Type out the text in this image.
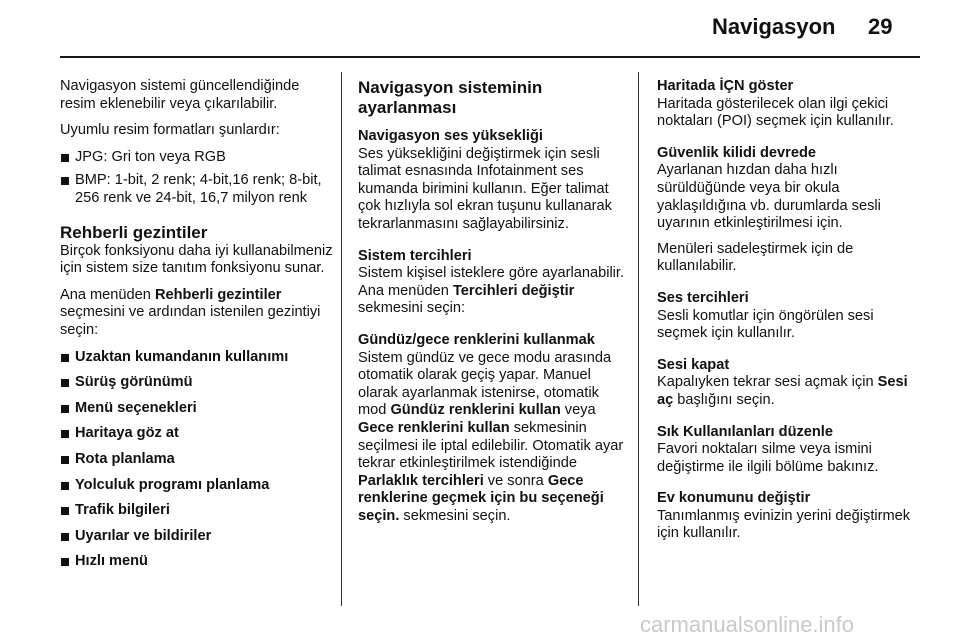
Navigasyon 29

Navigasyon sistemi güncellendiğinde resim eklenebilir veya çıkarılabilir.

Uyumlu resim formatları şunlardır:

JPG: Gri ton veya RGB
BMP: 1-bit, 2 renk; 4-bit,16 renk; 8-bit, 256 renk ve 24-bit, 16,7 milyon renk
Rehberli gezintiler

Birçok fonksiyonu daha iyi kullanabilmeniz için sistem size tanıtım fonksiyonu sunar.

Ana menüden Rehberli gezintiler seçmesini ve ardından istenilen gezintiyi seçin:

Uzaktan kumandanın kullanımı
Sürüş görünümü
Menü seçenekleri
Haritaya göz at
Rota planlama
Yolculuk programı planlama
Trafik bilgileri
Uyarılar ve bildiriler
Hızlı menü
Navigasyon sisteminin ayarlanması
Navigasyon ses yüksekliği
Ses yüksekliğini değiştirmek için sesli talimat esnasında Infotainment ses kumanda birimini kullanın. Eğer talimat çok hızlıyla sol ekran tuşunu kullanarak tekrarlanmasını sağlayabilirsiniz.
Sistem tercihleri
Sistem kişisel isteklere göre ayarlanabilir. Ana menüden Tercihleri değiştir sekmesini seçin:
Gündüz/gece renklerini kullanmak
Sistem gündüz ve gece modu arasında otomatik olarak geçiş yapar. Manuel olarak ayarlanmak istenirse, otomatik mod Gündüz renklerini kullan veya Gece renklerini kullan sekmesinin seçilmesi ile iptal edilebilir. Otomatik ayar tekrar etkinleştirilmek istendiğinde Parlaklık tercihleri ve sonra Gece renklerine geçmek için bu seçeneği seçin. sekmesini seçin.
Haritada İÇN göster
Haritada gösterilecek olan ilgi çekici noktaları (POI) seçmek için kullanılır.
Güvenlik kilidi devrede
Ayarlanan hızdan daha hızlı sürüldüğünde veya bir okula yaklaşıldığına vb. durumlarda sesli uyarının etkinleştirilmesi için.

Menüleri sadeleştirmek için de kullanılabilir.

Ses tercihleri
Sesli komutlar için öngörülen sesi seçmek için kullanılır.
Sesi kapat
Kapalıyken tekrar sesi açmak için Sesi aç başlığını seçin.
Sık Kullanılanları düzenle
Favori noktaları silme veya ismini değiştirme ile ilgili bölüme bakınız.
Ev konumunu değiştir
Tanımlanmış evinizin yerini değiştirmek için kullanılır.
carmanualsonline.info
